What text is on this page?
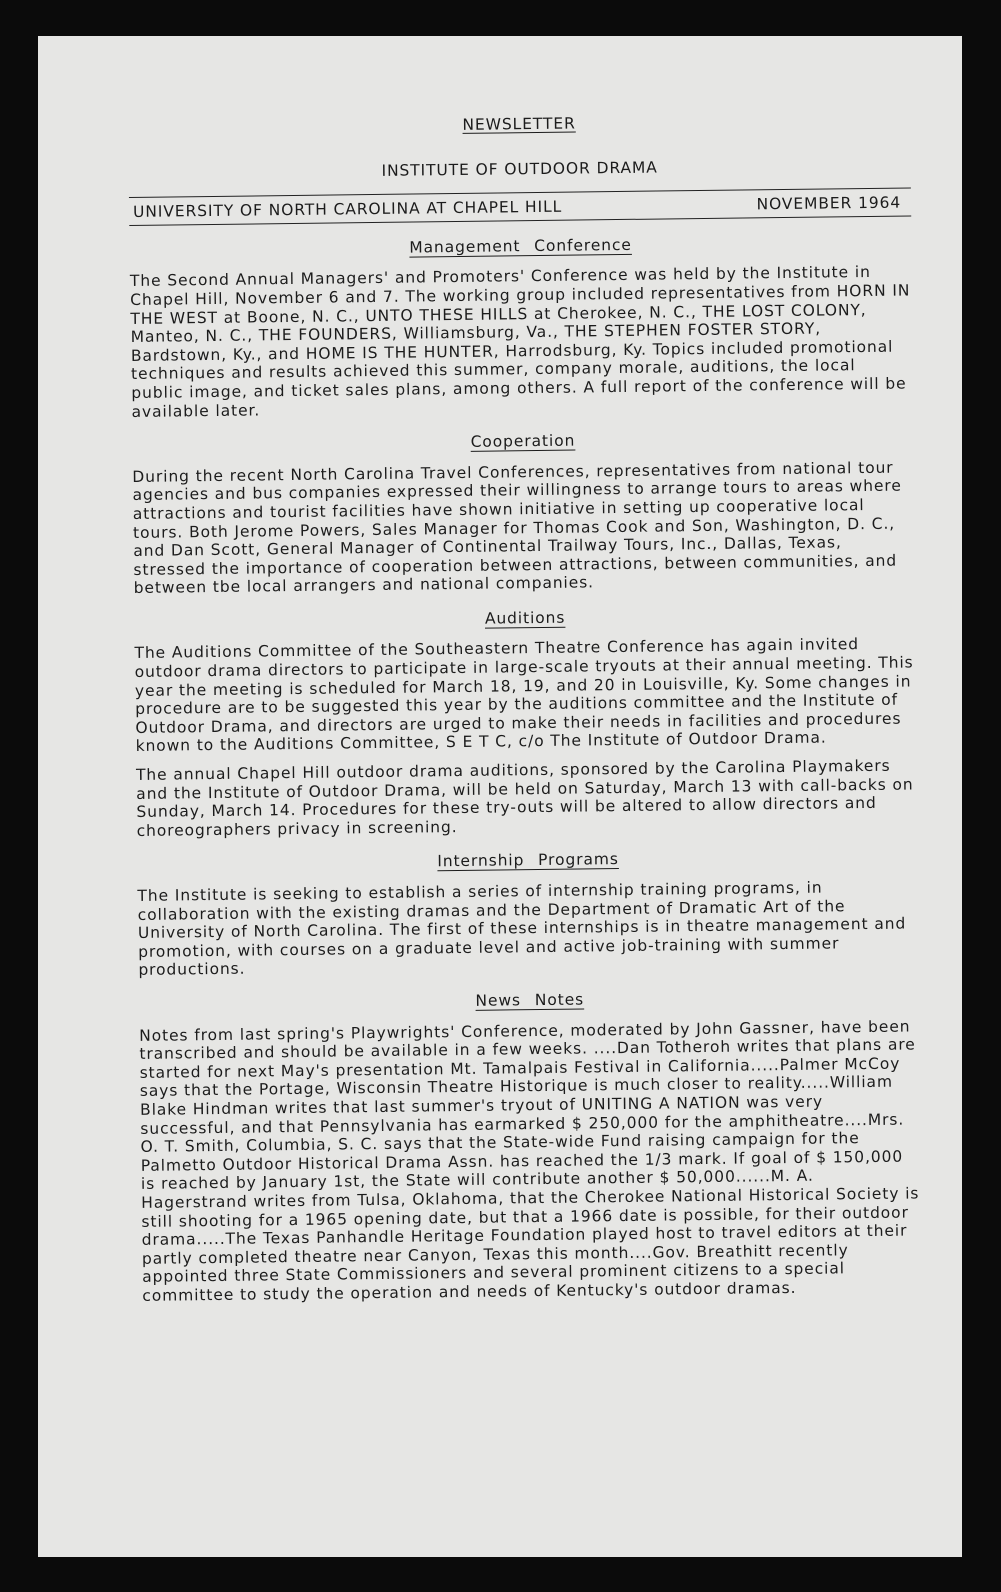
NEWSLETTER
INSTITUTE OF OUTDOOR DRAMA
UNIVERSITY OF NORTH CAROLINA AT CHAPEL HILL	NOVEMBER 1964
Management Conference

The Second Annual Managers' and Promoters' Conference was held by the Institute in Chapel Hill, November 6 and 7. The working group included representatives from HORN IN THE WEST at Boone, N. C., UNTO THESE HILLS at Cherokee, N. C., THE LOST COLONY, Manteo, N. C., THE FOUNDERS, Williamsburg, Va., THE STEPHEN FOSTER STORY, Bardstown, Ky., and HOME IS THE HUNTER, Harrodsburg, Ky. Topics included promotional techniques and results achieved this summer, company morale, auditions, the local public image, and ticket sales plans, among others. A full report of the conference will be available later.

Cooperation

During the recent North Carolina Travel Conferences, representatives from national tour agencies and bus companies expressed their willingness to arrange tours to areas where attractions and tourist facilities have shown initiative in setting up cooperative local tours. Both Jerome Powers, Sales Manager for Thomas Cook and Son, Washington, D. C., and Dan Scott, General Manager of Continental Trailway Tours, Inc., Dallas, Texas, stressed the importance of cooperation between attractions, between communities, and between tbe local arrangers and national companies.

Auditions

The Auditions Committee of the Southeastern Theatre Conference has again invited outdoor drama directors to participate in large-scale tryouts at their annual meeting. This year the meeting is scheduled for March 18, 19, and 20 in Louisville, Ky. Some changes in procedure are to be suggested this year by the auditions committee and the Institute of Outdoor Drama, and directors are urged to make their needs in facilities and procedures known to the Auditions Committee, S E T C, c/o The Institute of Outdoor Drama.

The annual Chapel Hill outdoor drama auditions, sponsored by the Carolina Playmakers and the Institute of Outdoor Drama, will be held on Saturday, March 13 with call-backs on Sunday, March 14. Procedures for these try-outs will be altered to allow directors and choreographers privacy in screening.

Internship Programs

The Institute is seeking to establish a series of internship training programs, in collaboration with the existing dramas and the Department of Dramatic Art of the University of North Carolina. The first of these internships is in theatre management and promotion, with courses on a graduate level and active job-training with summer productions.

News Notes

Notes from last spring's Playwrights' Conference, moderated by John Gassner, have been transcribed and should be available in a few weeks. ....Dan Totheroh writes that plans are started for next May's presentation Mt. Tamalpais Festival in California.....Palmer McCoy says that the Portage, Wisconsin Theatre Historique is much closer to reality.....William Blake Hindman writes that last summer's tryout of UNITING A NATION was very successful, and that Pennsylvania has earmarked $ 250,000 for the amphitheatre....Mrs. O. T. Smith, Columbia, S. C. says that the State-wide Fund raising campaign for the Palmetto Outdoor Historical Drama Assn. has reached the 1/3 mark. If goal of $ 150,000 is reached by January 1st, the State will contribute another $ 50,000......M. A. Hagerstrand writes from Tulsa, Oklahoma, that the Cherokee National Historical Society is still shooting for a 1965 opening date, but that a 1966 date is possible, for their outdoor drama.....The Texas Panhandle Heritage Foundation played host to travel editors at their partly completed theatre near Canyon, Texas this month....Gov. Breathitt recently appointed three State Commissioners and several prominent citizens to a special committee to study the operation and needs of Kentucky's outdoor dramas.
